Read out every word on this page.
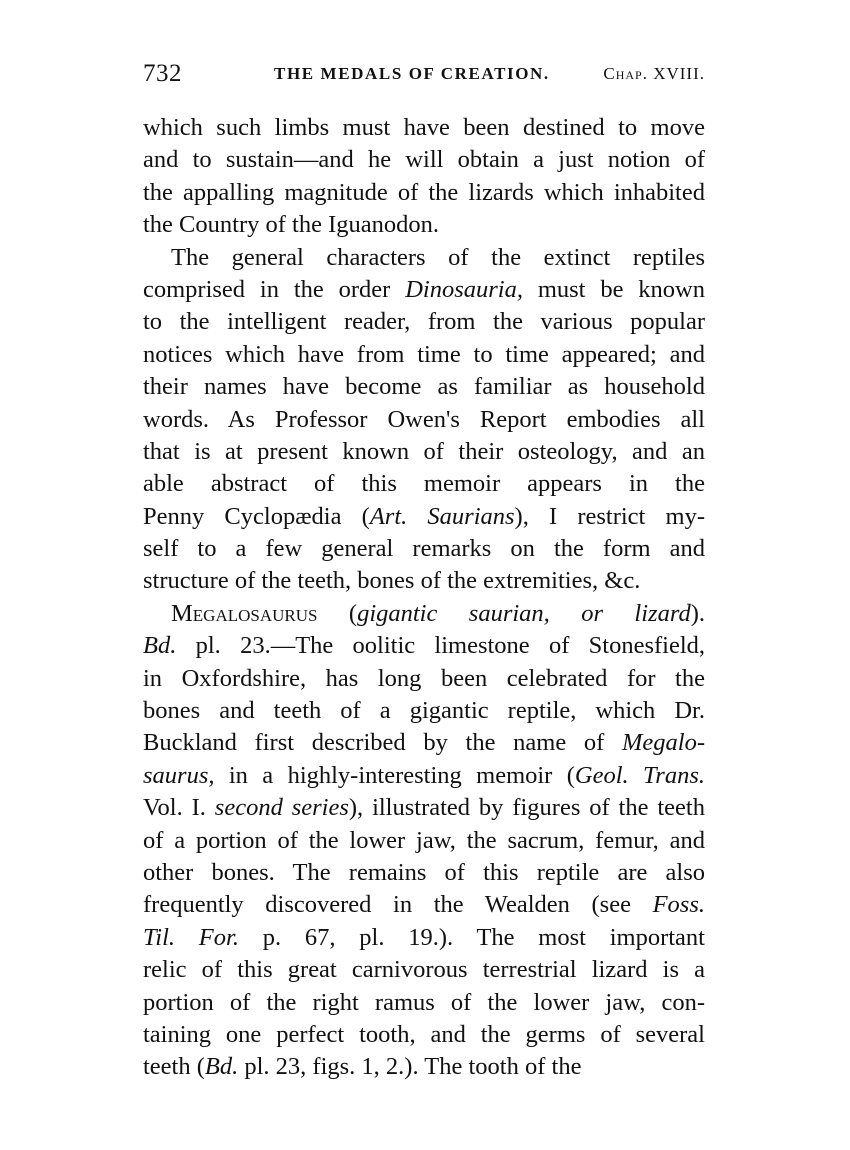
732	THE MEDALS OF CREATION.	Chap. XVIII.
which such limbs must have been destined to move
and to sustain—and he will obtain a just notion of
the appalling magnitude of the lizards which inhabited
the Country of the Iguanodon.
The general characters of the extinct reptiles
comprised in the order Dinosauria, must be known
to the intelligent reader, from the various popular
notices which have from time to time appeared; and
their names have become as familiar as household
words. As Professor Owen's Report embodies all
that is at present known of their osteology, and an
able abstract of this memoir appears in the
Penny Cyclopædia (Art. Saurians), I restrict my-
self to a few general remarks on the form and
structure of the teeth, bones of the extremities, &c.
Megalosaurus (gigantic saurian, or lizard).
Bd. pl. 23.—The oolitic limestone of Stonesfield,
in Oxfordshire, has long been celebrated for the
bones and teeth of a gigantic reptile, which Dr.
Buckland first described by the name of Megalo-
saurus, in a highly-interesting memoir (Geol. Trans.
Vol. I. second series), illustrated by figures of the teeth
of a portion of the lower jaw, the sacrum, femur, and
other bones. The remains of this reptile are also
frequently discovered in the Wealden (see Foss.
Til. For. p. 67, pl. 19.). The most important
relic of this great carnivorous terrestrial lizard is a
portion of the right ramus of the lower jaw, con-
taining one perfect tooth, and the germs of several
teeth (Bd. pl. 23, figs. 1, 2.). The tooth of the
